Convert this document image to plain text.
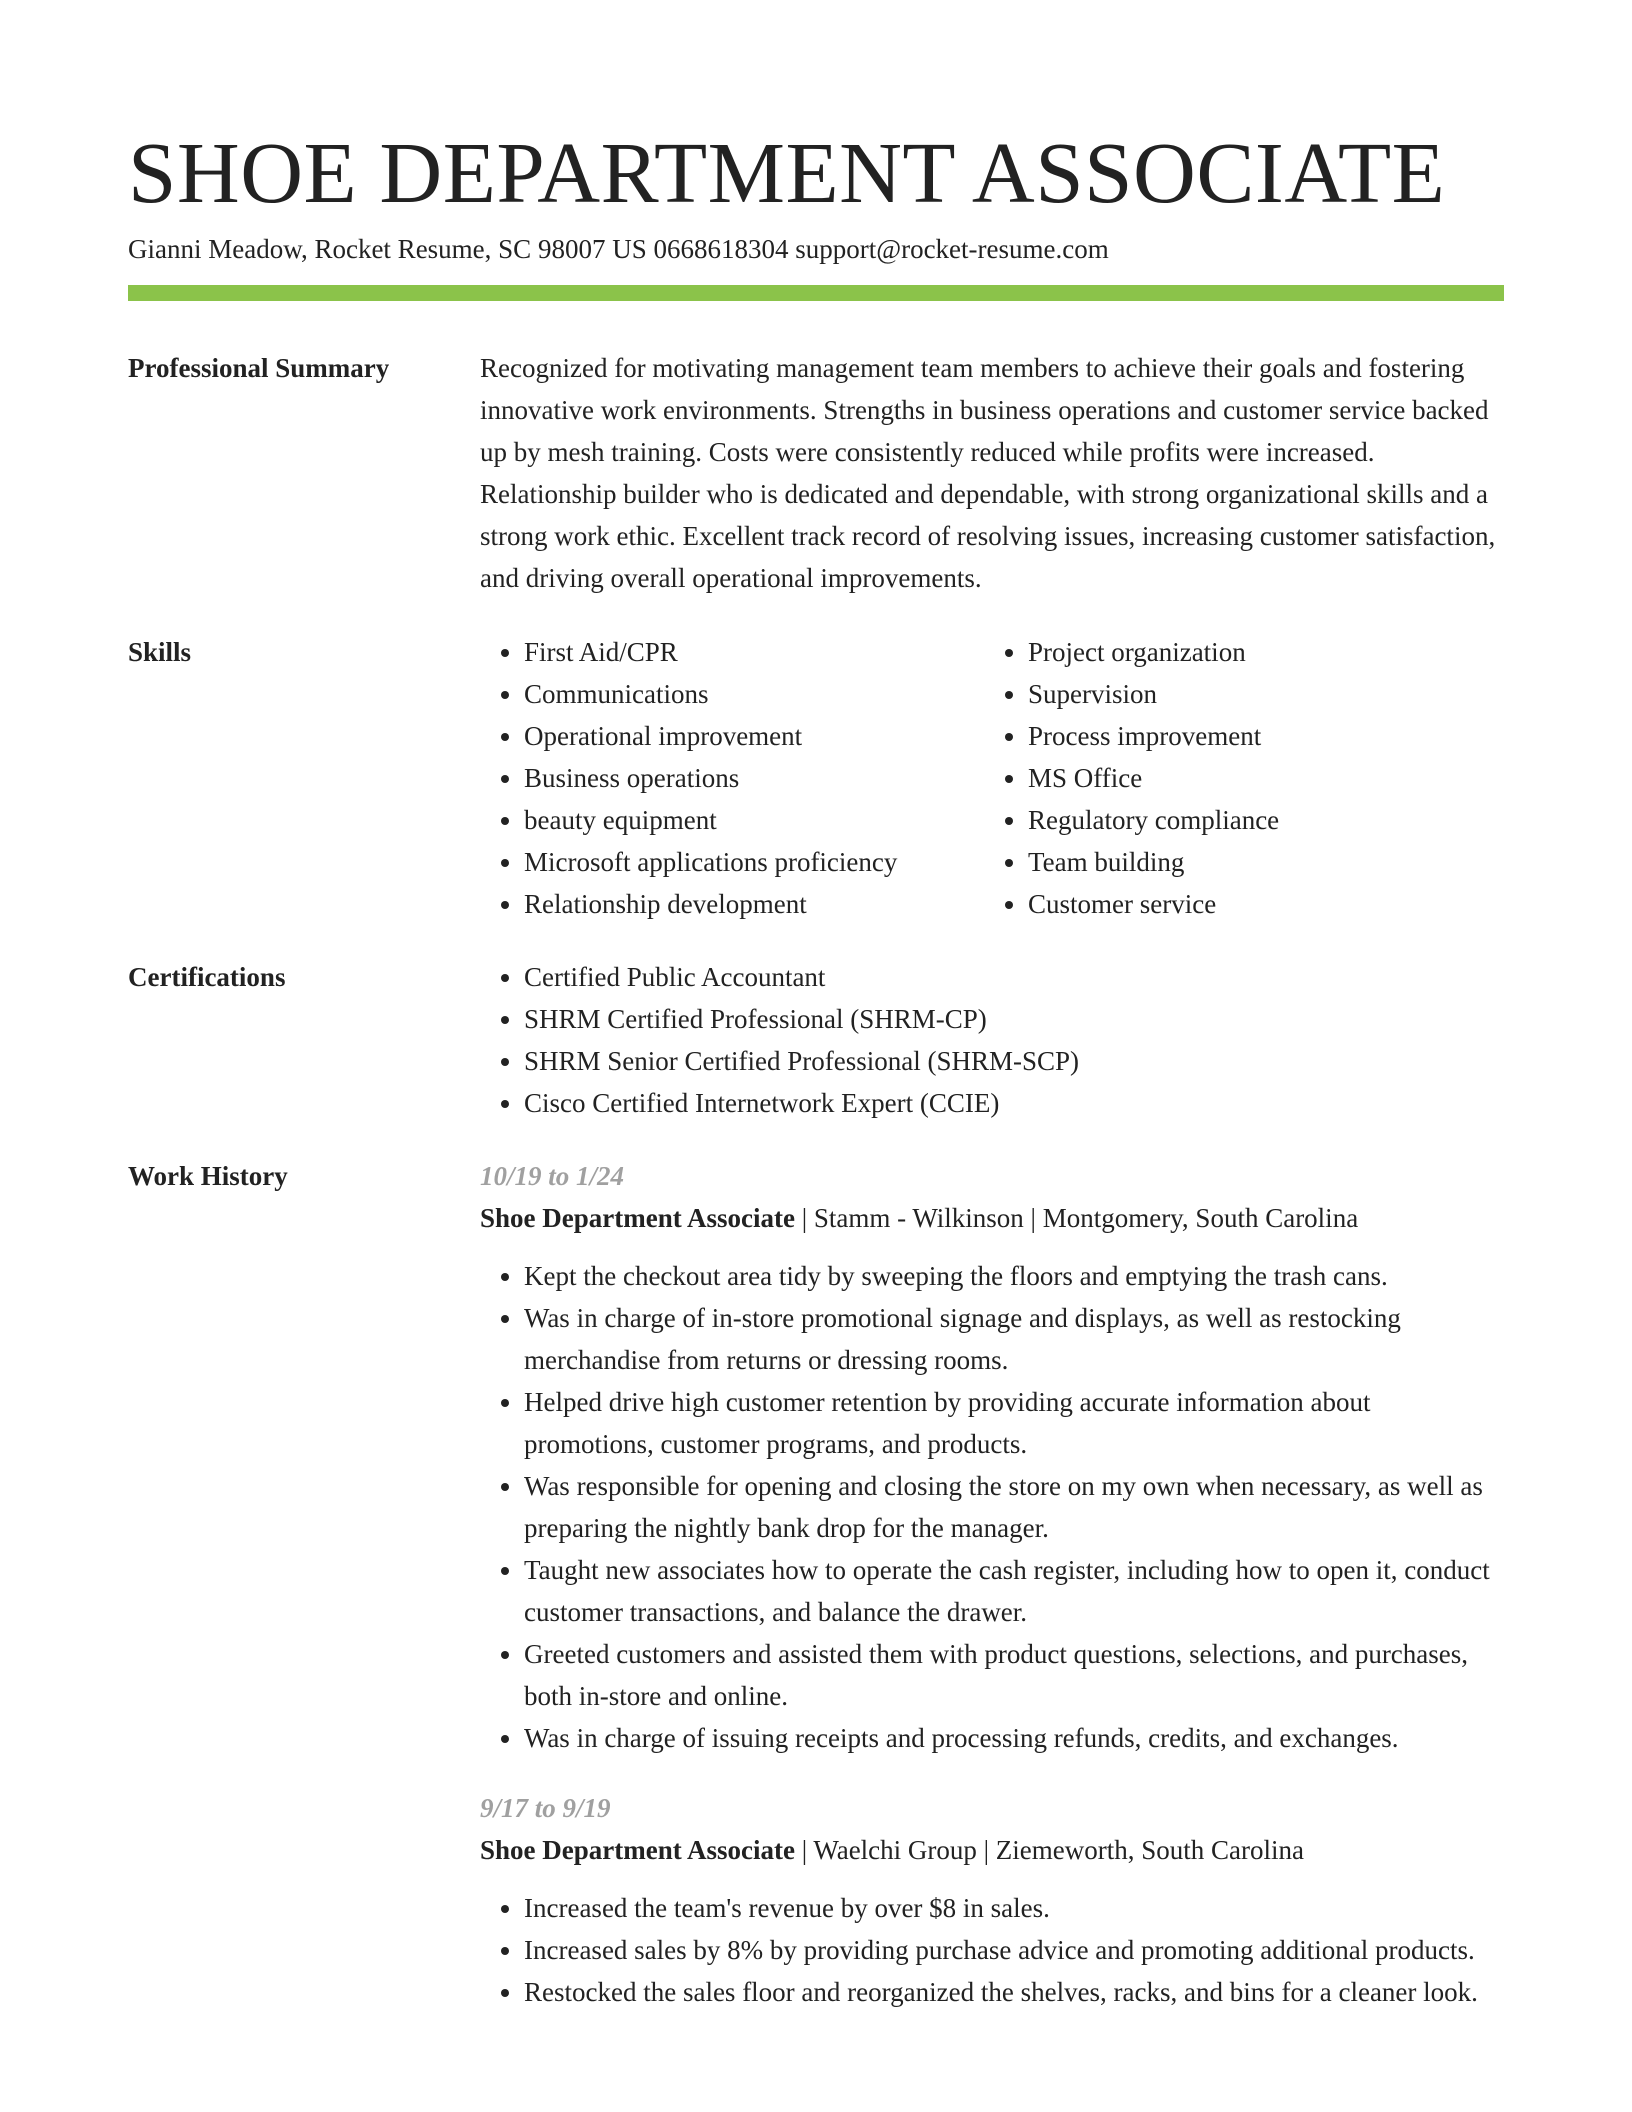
SHOE DEPARTMENT ASSOCIATE
Gianni Meadow, Rocket Resume, SC 98007 US 0668618304 support@rocket-resume.com
Professional Summary	Recognized for motivating management team members to achieve their goals and fostering innovative work environments. Strengths in business operations and customer service backed up by mesh training. Costs were consistently reduced while profits were increased. Relationship builder who is dedicated and dependable, with strong organizational skills and a strong work ethic. Excellent track record of resolving issues, increasing customer satisfaction, and driving overall operational improvements.

Skills	• First Aid/CPR
• Communications
• Operational improvement
• Business operations
• beauty equipment
• Microsoft applications proficiency
• Relationship development
• Project organization
• Supervision
• Process improvement
• MS Office
• Regulatory compliance
• Team building
• Customer service
Certifications	• Certified Public Accountant
• SHRM Certified Professional (SHRM-CP)
• SHRM Senior Certified Professional (SHRM-SCP)
• Cisco Certified Internetwork Expert (CCIE)
Work History	10/19 to 1/24
Shoe Department Associate | Stamm - Wilkinson | Montgomery, South Carolina
• Kept the checkout area tidy by sweeping the floors and emptying the trash cans.
• Was in charge of in-store promotional signage and displays, as well as restocking merchandise from returns or dressing rooms.
• Helped drive high customer retention by providing accurate information about promotions, customer programs, and products.
• Was responsible for opening and closing the store on my own when necessary, as well as preparing the nightly bank drop for the manager.
• Taught new associates how to operate the cash register, including how to open it, conduct customer transactions, and balance the drawer.
• Greeted customers and assisted them with product questions, selections, and purchases, both in-store and online.
• Was in charge of issuing receipts and processing refunds, credits, and exchanges.
9/17 to 9/19
Shoe Department Associate | Waelchi Group | Ziemeworth, South Carolina
• Increased the team's revenue by over $8 in sales.
• Increased sales by 8% by providing purchase advice and promoting additional products.
• Restocked the sales floor and reorganized the shelves, racks, and bins for a cleaner look.
